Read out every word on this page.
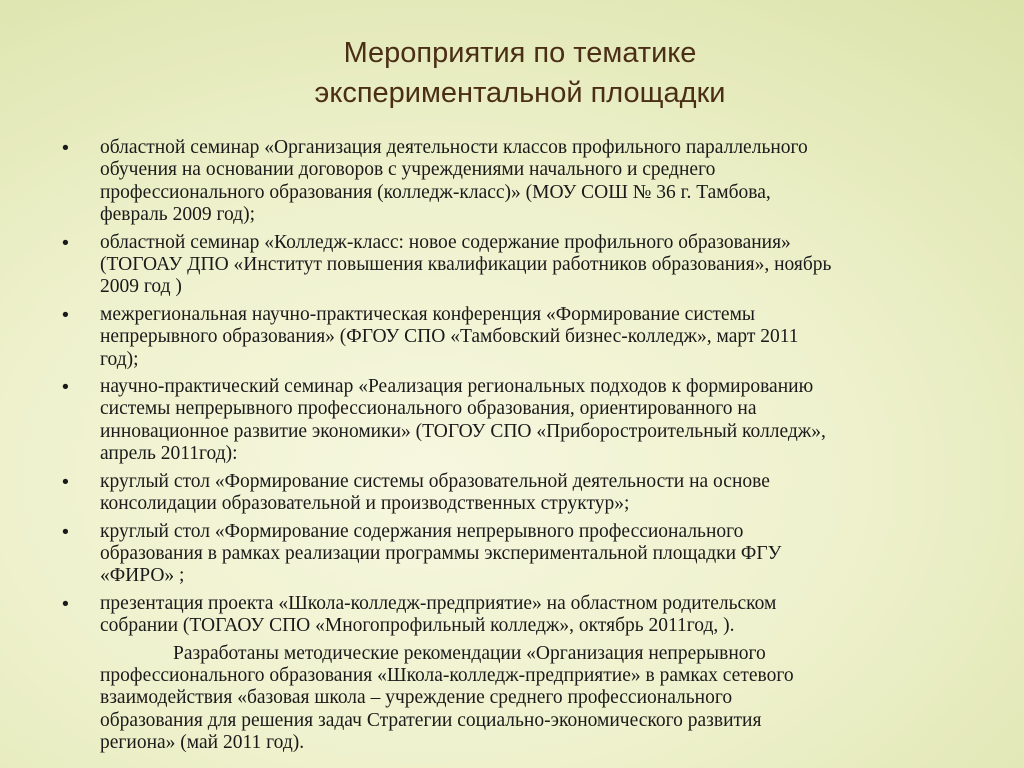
Мероприятия по тематике
экспериментальной площадки
• областной семинар «Организация деятельности классов профильного параллельного
обучения на основании договоров с учреждениями начального и среднего
профессионального образования (колледж-класс)» (МОУ СОШ № 36 г. Тамбова,
февраль 2009 год);
• областной семинар «Колледж-класс: новое содержание профильного образования»
(ТОГОАУ ДПО «Институт повышения квалификации работников образования», ноябрь
2009 год )
• межрегиональная научно-практическая конференция «Формирование системы
непрерывного образования» (ФГОУ СПО «Тамбовский бизнес-колледж», март 2011
год);
• научно-практический семинар «Реализация региональных подходов к формированию
системы непрерывного профессионального образования, ориентированного на
инновационное развитие экономики» (ТОГОУ СПО «Приборостроительный колледж»,
апрель 2011год):
• круглый стол «Формирование системы образовательной деятельности на основе
консолидации образовательной и производственных структур»;
• круглый стол «Формирование содержания непрерывного профессионального
образования в рамках реализации программы экспериментальной площадки ФГУ
«ФИРО» ;
• презентация проекта «Школа-колледж-предприятие» на областном родительском
собрании (ТОГАОУ СПО «Многопрофильный колледж», октябрь 2011год, ).

Разработаны методические рекомендации «Организация непрерывного
профессионального образования «Школа-колледж-предприятие» в рамках сетевого
взаимодействия «базовая школа – учреждение среднего профессионального
образования для решения задач Стратегии социально-экономического развития
региона» (май 2011 год).
